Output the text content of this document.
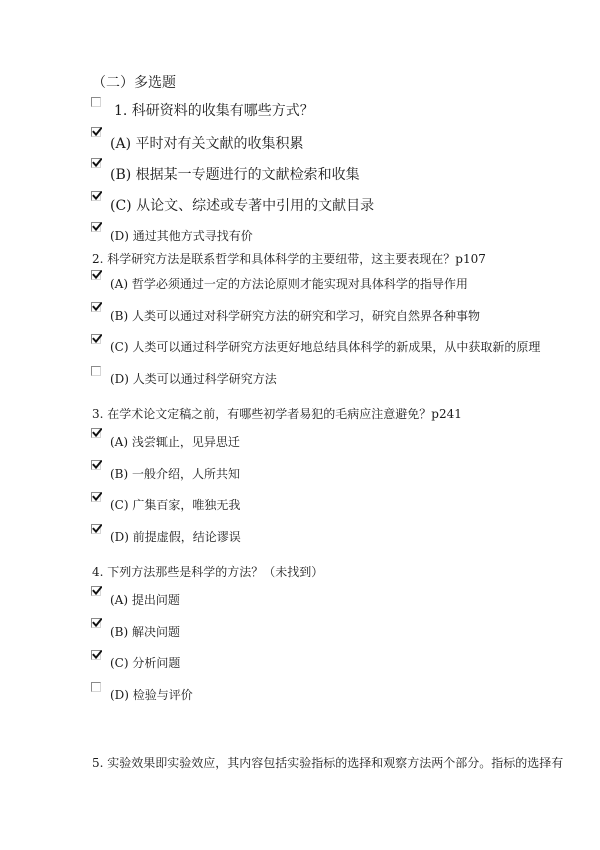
（二）多选题
1. 科研资料的收集有哪些方式？
(A) 平时对有关文献的收集积累
(B) 根据某一专题进行的文献检索和收集
(C) 从论文、综述或专著中引用的文献目录
(D) 通过其他方式寻找有价
2. 科学研究方法是联系哲学和具体科学的主要纽带，这主要表现在？p107
(A) 哲学必须通过一定的方法论原则才能实现对具体科学的指导作用
(B) 人类可以通过对科学研究方法的研究和学习，研究自然界各种事物
(C) 人类可以通过科学研究方法更好地总结具体科学的新成果，从中获取新的原理
(D) 人类可以通过科学研究方法
3. 在学术论文定稿之前，有哪些初学者易犯的毛病应注意避免？p241
(A) 浅尝辄止，见异思迁
(B) 一般介绍，人所共知
(C) 广集百家，唯独无我
(D) 前提虚假，结论谬误
4. 下列方法那些是科学的方法？（未找到）
(A) 提出问题
(B) 解决问题
(C) 分析问题
(D) 检验与评价
5. 实验效果即实验效应，其内容包括实验指标的选择和观察方法两个部分。指标的选择有
